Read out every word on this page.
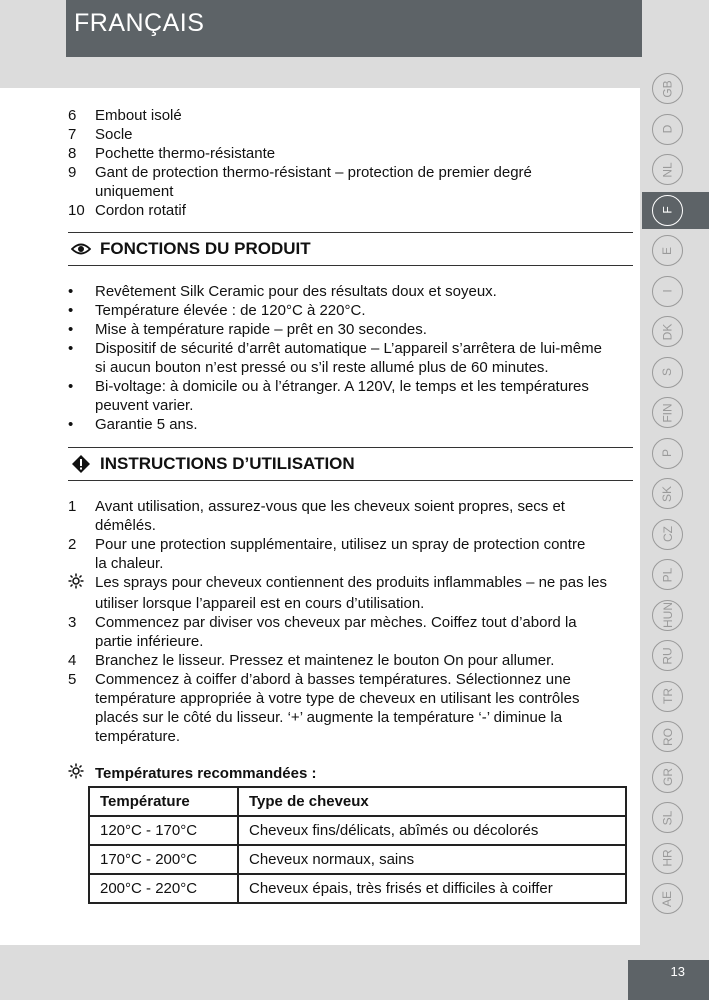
FRANÇAIS
GB
D
NL
F
E
I
DK
S
FIN
P
SK
CZ
PL
HUN
RU
TR
RO
GR
SL
HR
AE
6	Embout isolé
7	Socle
8	Pochette thermo-résistante
9	Gant de protection thermo-résistant – protection de premier degré
uniquement
10 Cordon rotatif
FONCTIONS DU PRODUIT
•	Revêtement Silk Ceramic pour des résultats doux et soyeux.
•	Température élevée : de 120°C à 220°C.
•	Mise à température rapide – prêt en 30 secondes.
•	Dispositif de sécurité d’arrêt automatique – L’appareil s’arrêtera de lui-même
si aucun bouton n’est pressé ou s’il reste allumé plus de 60 minutes.
•	Bi-voltage: à domicile ou à l’étranger. A 120V, le temps et les températures
peuvent varier.
•	Garantie 5 ans.
INSTRUCTIONS D’UTILISATION
1	Avant utilisation, assurez-vous que les cheveux soient propres, secs et
démêlés.
2	Pour une protection supplémentaire, utilisez un spray de protection contre
la chaleur.
Les sprays pour cheveux contiennent des produits inflammables – ne pas les
utiliser lorsque l’appareil est en cours d’utilisation.
3	Commencez par diviser vos cheveux par mèches. Coiffez tout d’abord la
partie inférieure.
4	Branchez le lisseur. Pressez et maintenez le bouton On pour allumer.
5	Commencez à coiffer d’abord à basses températures. Sélectionnez une
température appropriée à votre type de cheveux en utilisant les contrôles
placés sur le côté du lisseur. ‘+’ augmente la température ‘-’ diminue la
température.
Températures recommandées :
Température	Type de cheveux
120°C - 170°C	Cheveux fins/délicats, abîmés ou décolorés
170°C - 200°C	Cheveux normaux, sains
200°C - 220°C	Cheveux épais, très frisés et difficiles à coiffer
13
